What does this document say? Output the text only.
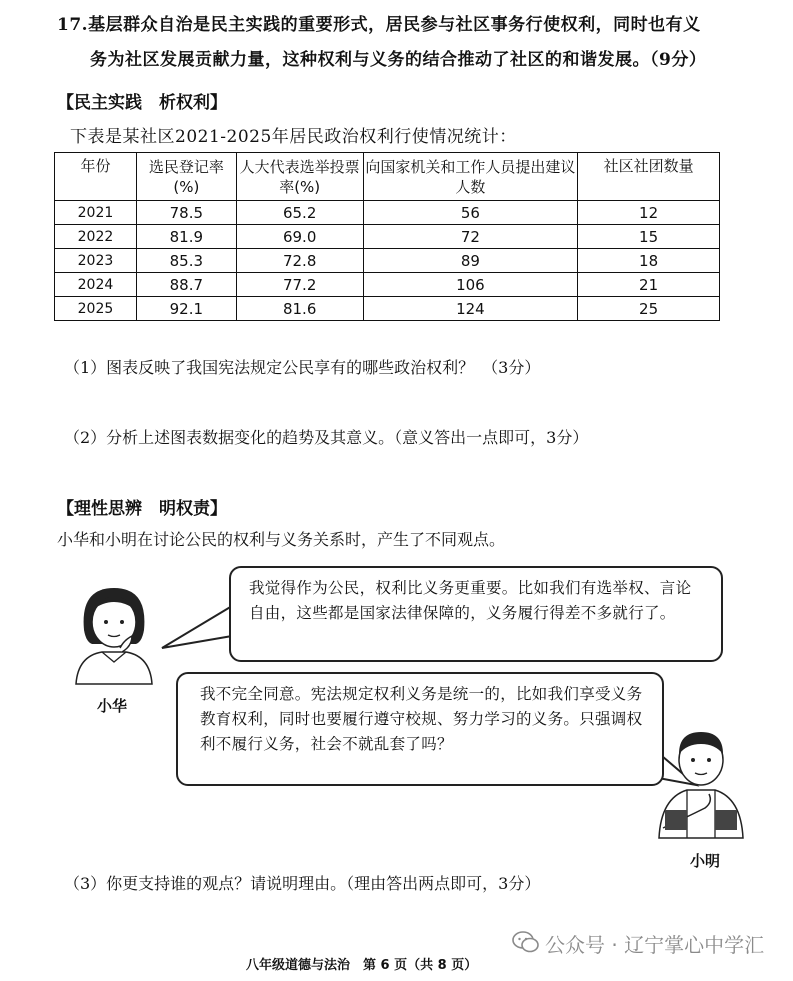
17.基层群众自治是民主实践的重要形式，居民参与社区事务行使权利，同时也有义
务为社区发展贡献力量，这种权利与义务的结合推动了社区的和谐发展。（9分）
【民主实践　析权利】
下表是某社区2021-2025年居民政治权利行使情况统计：
年份	选民登记率(%)	人大代表选举投票率(%)	向国家机关和工作人员提出建议人数	社区社团数量
2021	78.5	65.2	56	12
2022	81.9	69.0	72	15
2023	85.3	72.8	89	18
2024	88.7	77.2	106	21
2025	92.1	81.6	124	25
（1）图表反映了我国宪法规定公民享有的哪些政治权利？　（3分）
（2）分析上述图表数据变化的趋势及其意义。（意义答出一点即可，3分）
【理性思辨　明权责】
小华和小明在讨论公民的权利与义务关系时，产生了不同观点。
小华
我觉得作为公民，权利比义务更重要。比如我们有选举权、言论自由，这些都是国家法律保障的，义务履行得差不多就行了。
我不完全同意。宪法规定权利义务是统一的，比如我们享受义务教育权利，同时也要履行遵守校规、努力学习的义务。只强调权利不履行义务，社会不就乱套了吗？
小明
（3）你更支持谁的观点？请说明理由。（理由答出两点即可，3分）
八年级道德与法治　第 6 页（共 8 页）
公众号 · 辽宁掌心中学汇
